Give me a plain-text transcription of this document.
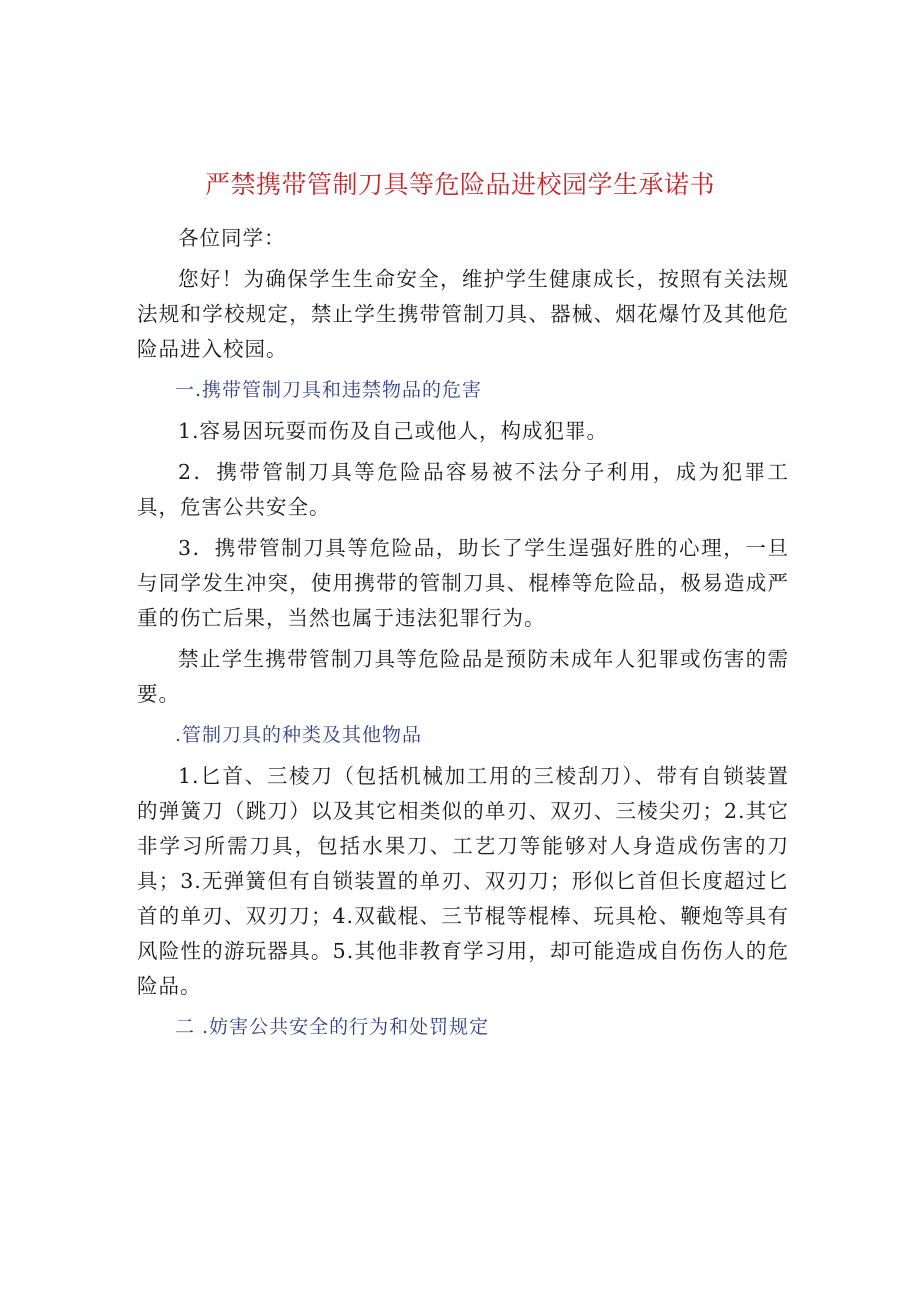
严禁携带管制刀具等危险品进校园学生承诺书

各位同学：

您好！为确保学生生命安全，维护学生健康成长，按照有关法规法规和学校规定，禁止学生携带管制刀具、器械、烟花爆竹及其他危险品进入校园。

一.携带管制刀具和违禁物品的危害

1.容易因玩耍而伤及自己或他人，构成犯罪。

2．携带管制刀具等危险品容易被不法分子利用，成为犯罪工具，危害公共安全。

3．携带管制刀具等危险品，助长了学生逞强好胜的心理，一旦与同学发生冲突，使用携带的管制刀具、棍棒等危险品，极易造成严重的伤亡后果，当然也属于违法犯罪行为。

禁止学生携带管制刀具等危险品是预防未成年人犯罪或伤害的需要。

.管制刀具的种类及其他物品

1.匕首、三棱刀（包括机械加工用的三棱刮刀）、带有自锁装置的弹簧刀（跳刀）以及其它相类似的单刃、双刃、三棱尖刃；2.其它非学习所需刀具，包括水果刀、工艺刀等能够对人身造成伤害的刀具；3.无弹簧但有自锁装置的单刃、双刃刀；形似匕首但长度超过匕首的单刃、双刃刀；4.双截棍、三节棍等棍棒、玩具枪、鞭炮等具有风险性的游玩器具。5.其他非教育学习用，却可能造成自伤伤人的危险品。

二 .妨害公共安全的行为和处罚规定
